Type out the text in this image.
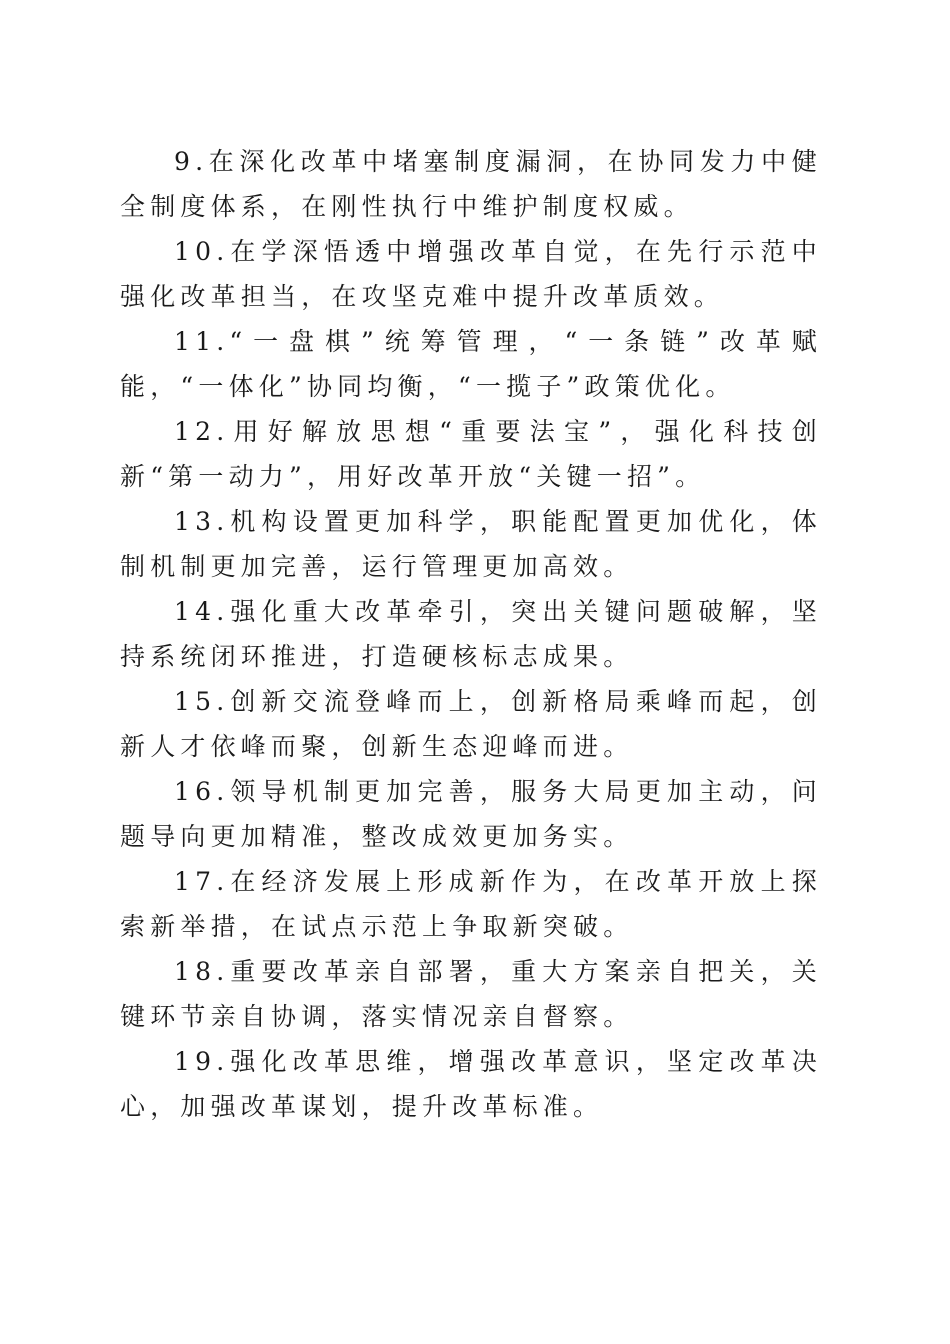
9.在深化改革中堵塞制度漏洞，在协同发力中健全制度体系，在刚性执行中维护制度权威。

10.在学深悟透中增强改革自觉，在先行示范中强化改革担当，在攻坚克难中提升改革质效。

11.“一盘棋”统筹管理，“一条链”改革赋能，“一体化”协同均衡，“一揽子”政策优化。

12.用好解放思想“重要法宝”，强化科技创新“第一动力”，用好改革开放“关键一招”。

13.机构设置更加科学，职能配置更加优化，体制机制更加完善，运行管理更加高效。

14.强化重大改革牵引，突出关键问题破解，坚持系统闭环推进，打造硬核标志成果。

15.创新交流登峰而上，创新格局乘峰而起，创新人才依峰而聚，创新生态迎峰而进。

16.领导机制更加完善，服务大局更加主动，问题导向更加精准，整改成效更加务实。

17.在经济发展上形成新作为，在改革开放上探索新举措，在试点示范上争取新突破。

18.重要改革亲自部署，重大方案亲自把关，关键环节亲自协调，落实情况亲自督察。

19.强化改革思维，增强改革意识，坚定改革决心，加强改革谋划，提升改革标准。
